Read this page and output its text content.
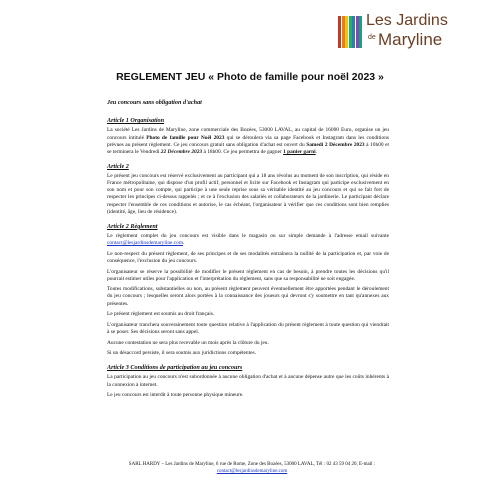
Les Jardins
de Maryline
REGLEMENT JEU « Photo de famille pour noël 2023 »
Jeu concours sans obligation d'achat
Article 1 Organisation

La société Les Jardins de Maryline, zone commerciale des Bozées, 53000 LAVAL, au capital de 16000 Euro, organise un jeu concours intitulé Photo de famille pour Noël 2023 qui se déroulera via sa page Facebook et Instagram dans les conditions prévues au présent règlement. Ce jeu concours gratuit sans obligation d'achat est ouvert du Samedi 2 Décembre 2023 à 10h00 et se terminera le Vendredi 22 Décembre 2023 à 18h00. Ce jeu permettra de gagner 1 panier garni.

Article 2

Le présent jeu concours est réservé exclusivement au participant qui a 18 ans révolus au moment de son inscription, qui réside en France métropolitaine, qui dispose d'un profil actif, personnel et licite sur Facebook et Instagram qui participe exclusivement en son nom et pour son compte, qui participe à une seule reprise sous sa véritable identité au jeu concours et qui se fait fort de respecter les principes ci-dessus rappelés ; et ce à l'exclusion des salariés et collaborateurs de la jardinerie. Le participant déclare respecter l'ensemble de ces conditions et autorise, le cas échéant, l'organisateur à vérifier que ces conditions sont bien remplies (identité, âge, lieu de résidence).

Article 2 Règlement

Le règlement complet du jeu concours est visible dans le magasin ou sur simple demande à l'adresse email suivante contact@lesjardinsdemaryline.com.

Le non-respect du présent règlement, de ses principes et de ses modalités entraînera la nullité de la participation et, par voie de conséquence, l'exclusion du jeu concours.

L'organisateur se réserve la possibilité de modifier le présent règlement en cas de besoin, à prendre toutes les décisions qu'il pourrait estimer utiles pour l'application et l'interprétation du règlement, sans que sa responsabilité ne soit engagée.

Toutes modifications, substantielles ou non, au présent règlement peuvent éventuellement être apportées pendant le déroulement du jeu concours ; lesquelles seront alors portées à la connaissance des joueurs qui devront s'y soumettre en tant qu'annexes aux présentes.

Le présent règlement est soumis au droit français.

L'organisateur tranchera souverainement toute question relative à l'application du présent règlement à toute question qui viendrait à se poser. Ses décisions seront sans appel.

Aucune contestation ne sera plus recevable un mois après la clôture du jeu.

Si un désaccord persiste, il sera soumis aux juridictions compétentes.

Article 3 Conditions de participation au jeu concours

La participation au jeu concours n'est subordonnée à aucune obligation d'achat et à aucune dépense autre que les coûts inhérents à la connexion à internet.

Le jeu concours est interdit à toute personne physique mineure.

SARL HARDY – Les Jardins de Maryline, 6 rue de Rome, Zone des Bozées, 53000 LAVAL, Tél : 02 43 59 04 20, E-mail :
contact@lesjardinsdemaryline.com
